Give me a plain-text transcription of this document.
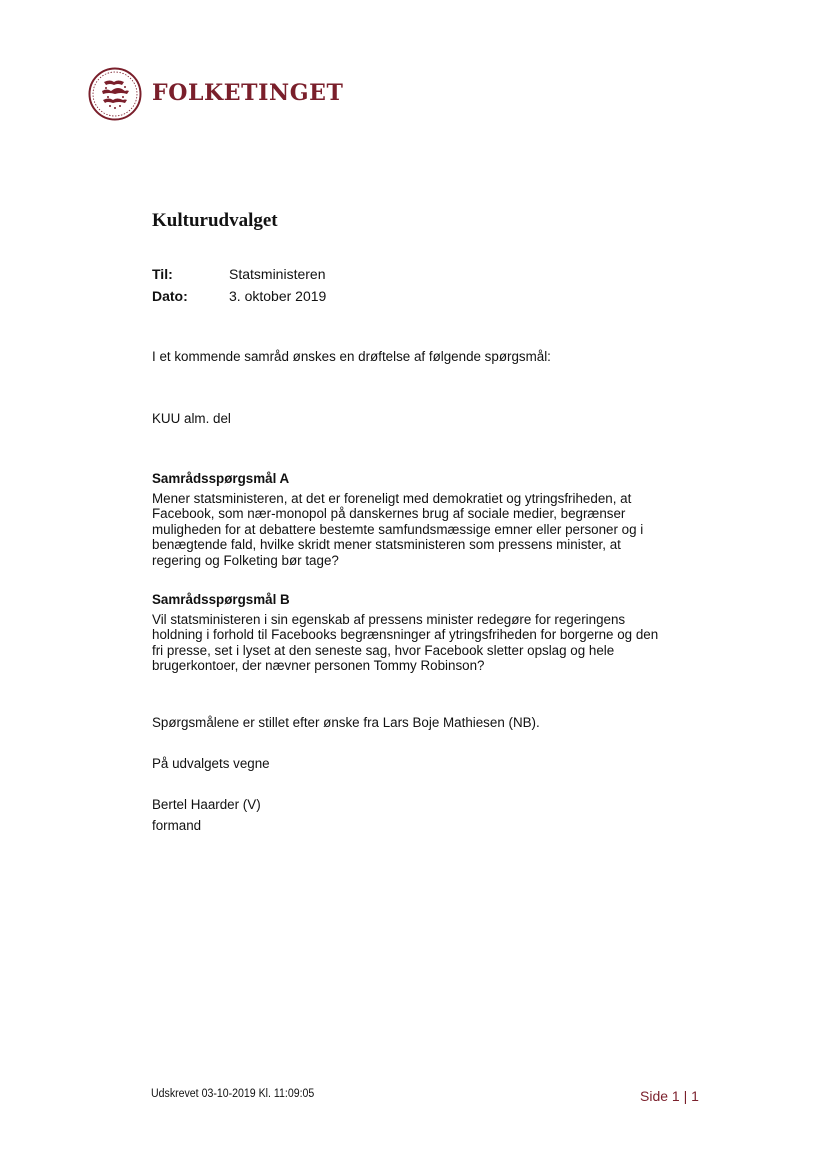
FOLKETINGET
Kulturudvalget
Til:	Statsministeren
Dato:	3. oktober 2019
I et kommende samråd ønskes en drøftelse af følgende spørgsmål:
KUU alm. del
Samrådsspørgsmål A
Mener statsministeren, at det er foreneligt med demokratiet og ytringsfriheden, at Facebook, som nær-monopol på danskernes brug af sociale medier, begrænser muligheden for at debattere bestemte samfundsmæssige emner eller personer og i benægtende fald, hvilke skridt mener statsministeren som pressens minister, at regering og Folketing bør tage?
Samrådsspørgsmål B
Vil statsministeren i sin egenskab af pressens minister redegøre for regeringens holdning i forhold til Facebooks begrænsninger af ytringsfriheden for borgerne og den fri presse, set i lyset at den seneste sag, hvor Facebook sletter opslag og hele brugerkontoer, der nævner personen Tommy Robinson?
Spørgsmålene er stillet efter ønske fra Lars Boje Mathiesen (NB).
På udvalgets vegne
Bertel Haarder (V)
formand
Udskrevet 03-10-2019 Kl. 11:09:05	Side 1 | 1
